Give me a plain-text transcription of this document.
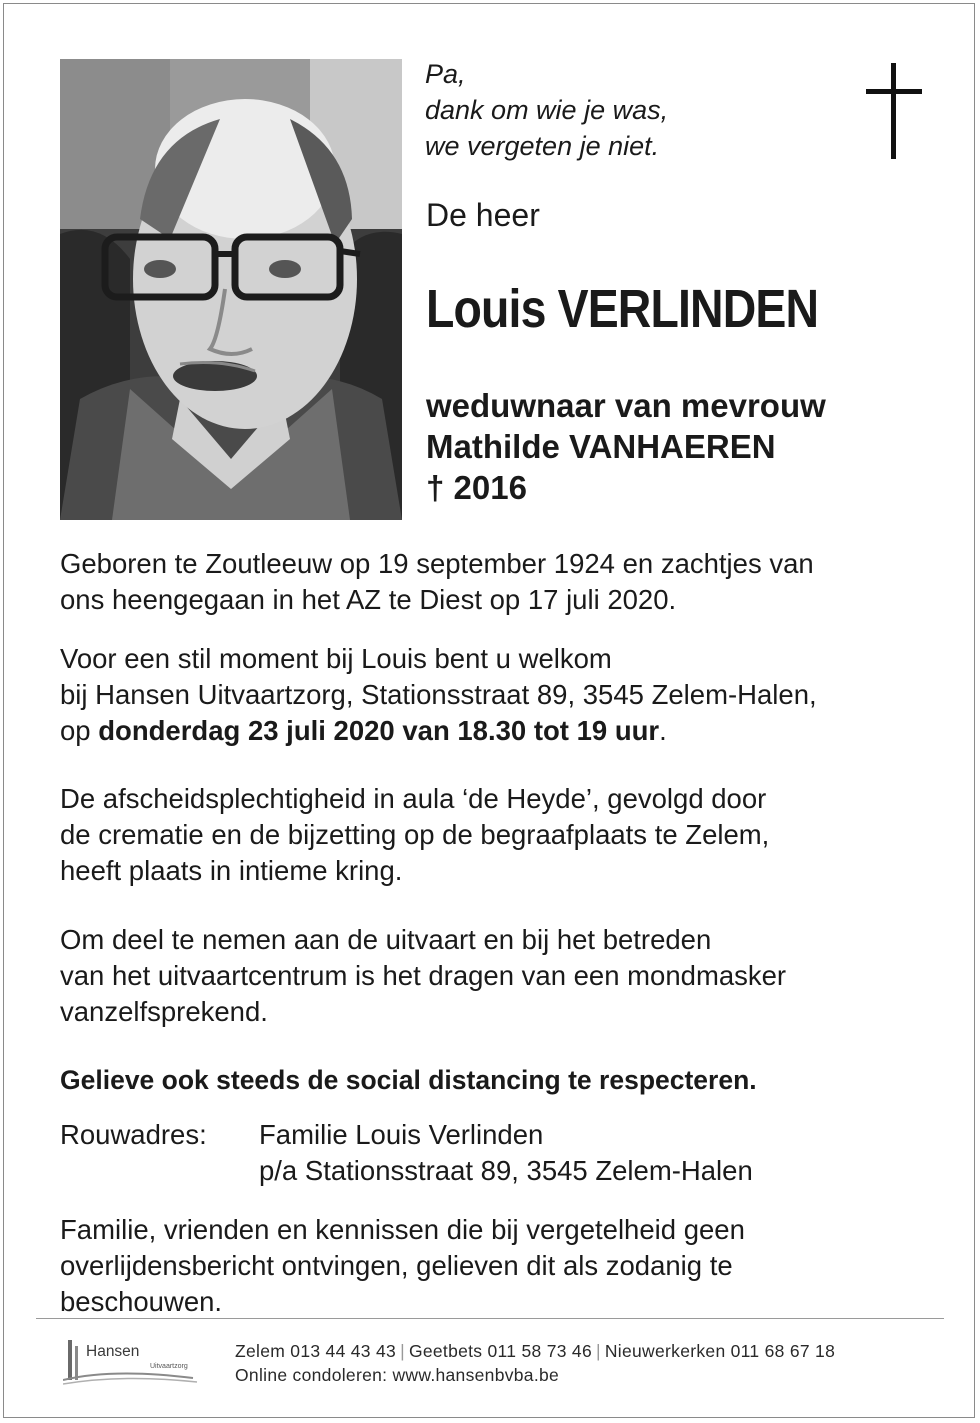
Pa,
dank om wie je was,
we vergeten je niet.
De heer
Louis VERLINDEN
weduwnaar van mevrouw
Mathilde VANHAEREN
† 2016
Geboren te Zoutleeuw op 19 september 1924 en zachtjes van
ons heengegaan in het AZ te Diest op 17 juli 2020.
Voor een stil moment bij Louis bent u welkom
bij Hansen Uitvaartzorg, Stationsstraat 89, 3545 Zelem-Halen,
op donderdag 23 juli 2020 van 18.30 tot 19 uur.
De afscheidsplechtigheid in aula ‘de Heyde’, gevolgd door
de crematie en de bijzetting op de begraafplaats te Zelem,
heeft plaats in intieme kring.
Om deel te nemen aan de uitvaart en bij het betreden
van het uitvaartcentrum is het dragen van een mondmasker
vanzelfsprekend.
Gelieve ook steeds de social distancing te respecteren.
Rouwadres:	Familie Louis Verlinden
p/a Stationsstraat 89, 3545 Zelem-Halen
Familie, vrienden en kennissen die bij vergetelheid geen
overlijdensbericht ontvingen, gelieven dit als zodanig te
beschouwen.
Hansen
Uitvaartzorg
Zelem 013 44 43 43 | Geetbets 011 58 73 46 | Nieuwerkerken 011 68 67 18
Online condoleren: www.hansenbvba.be
